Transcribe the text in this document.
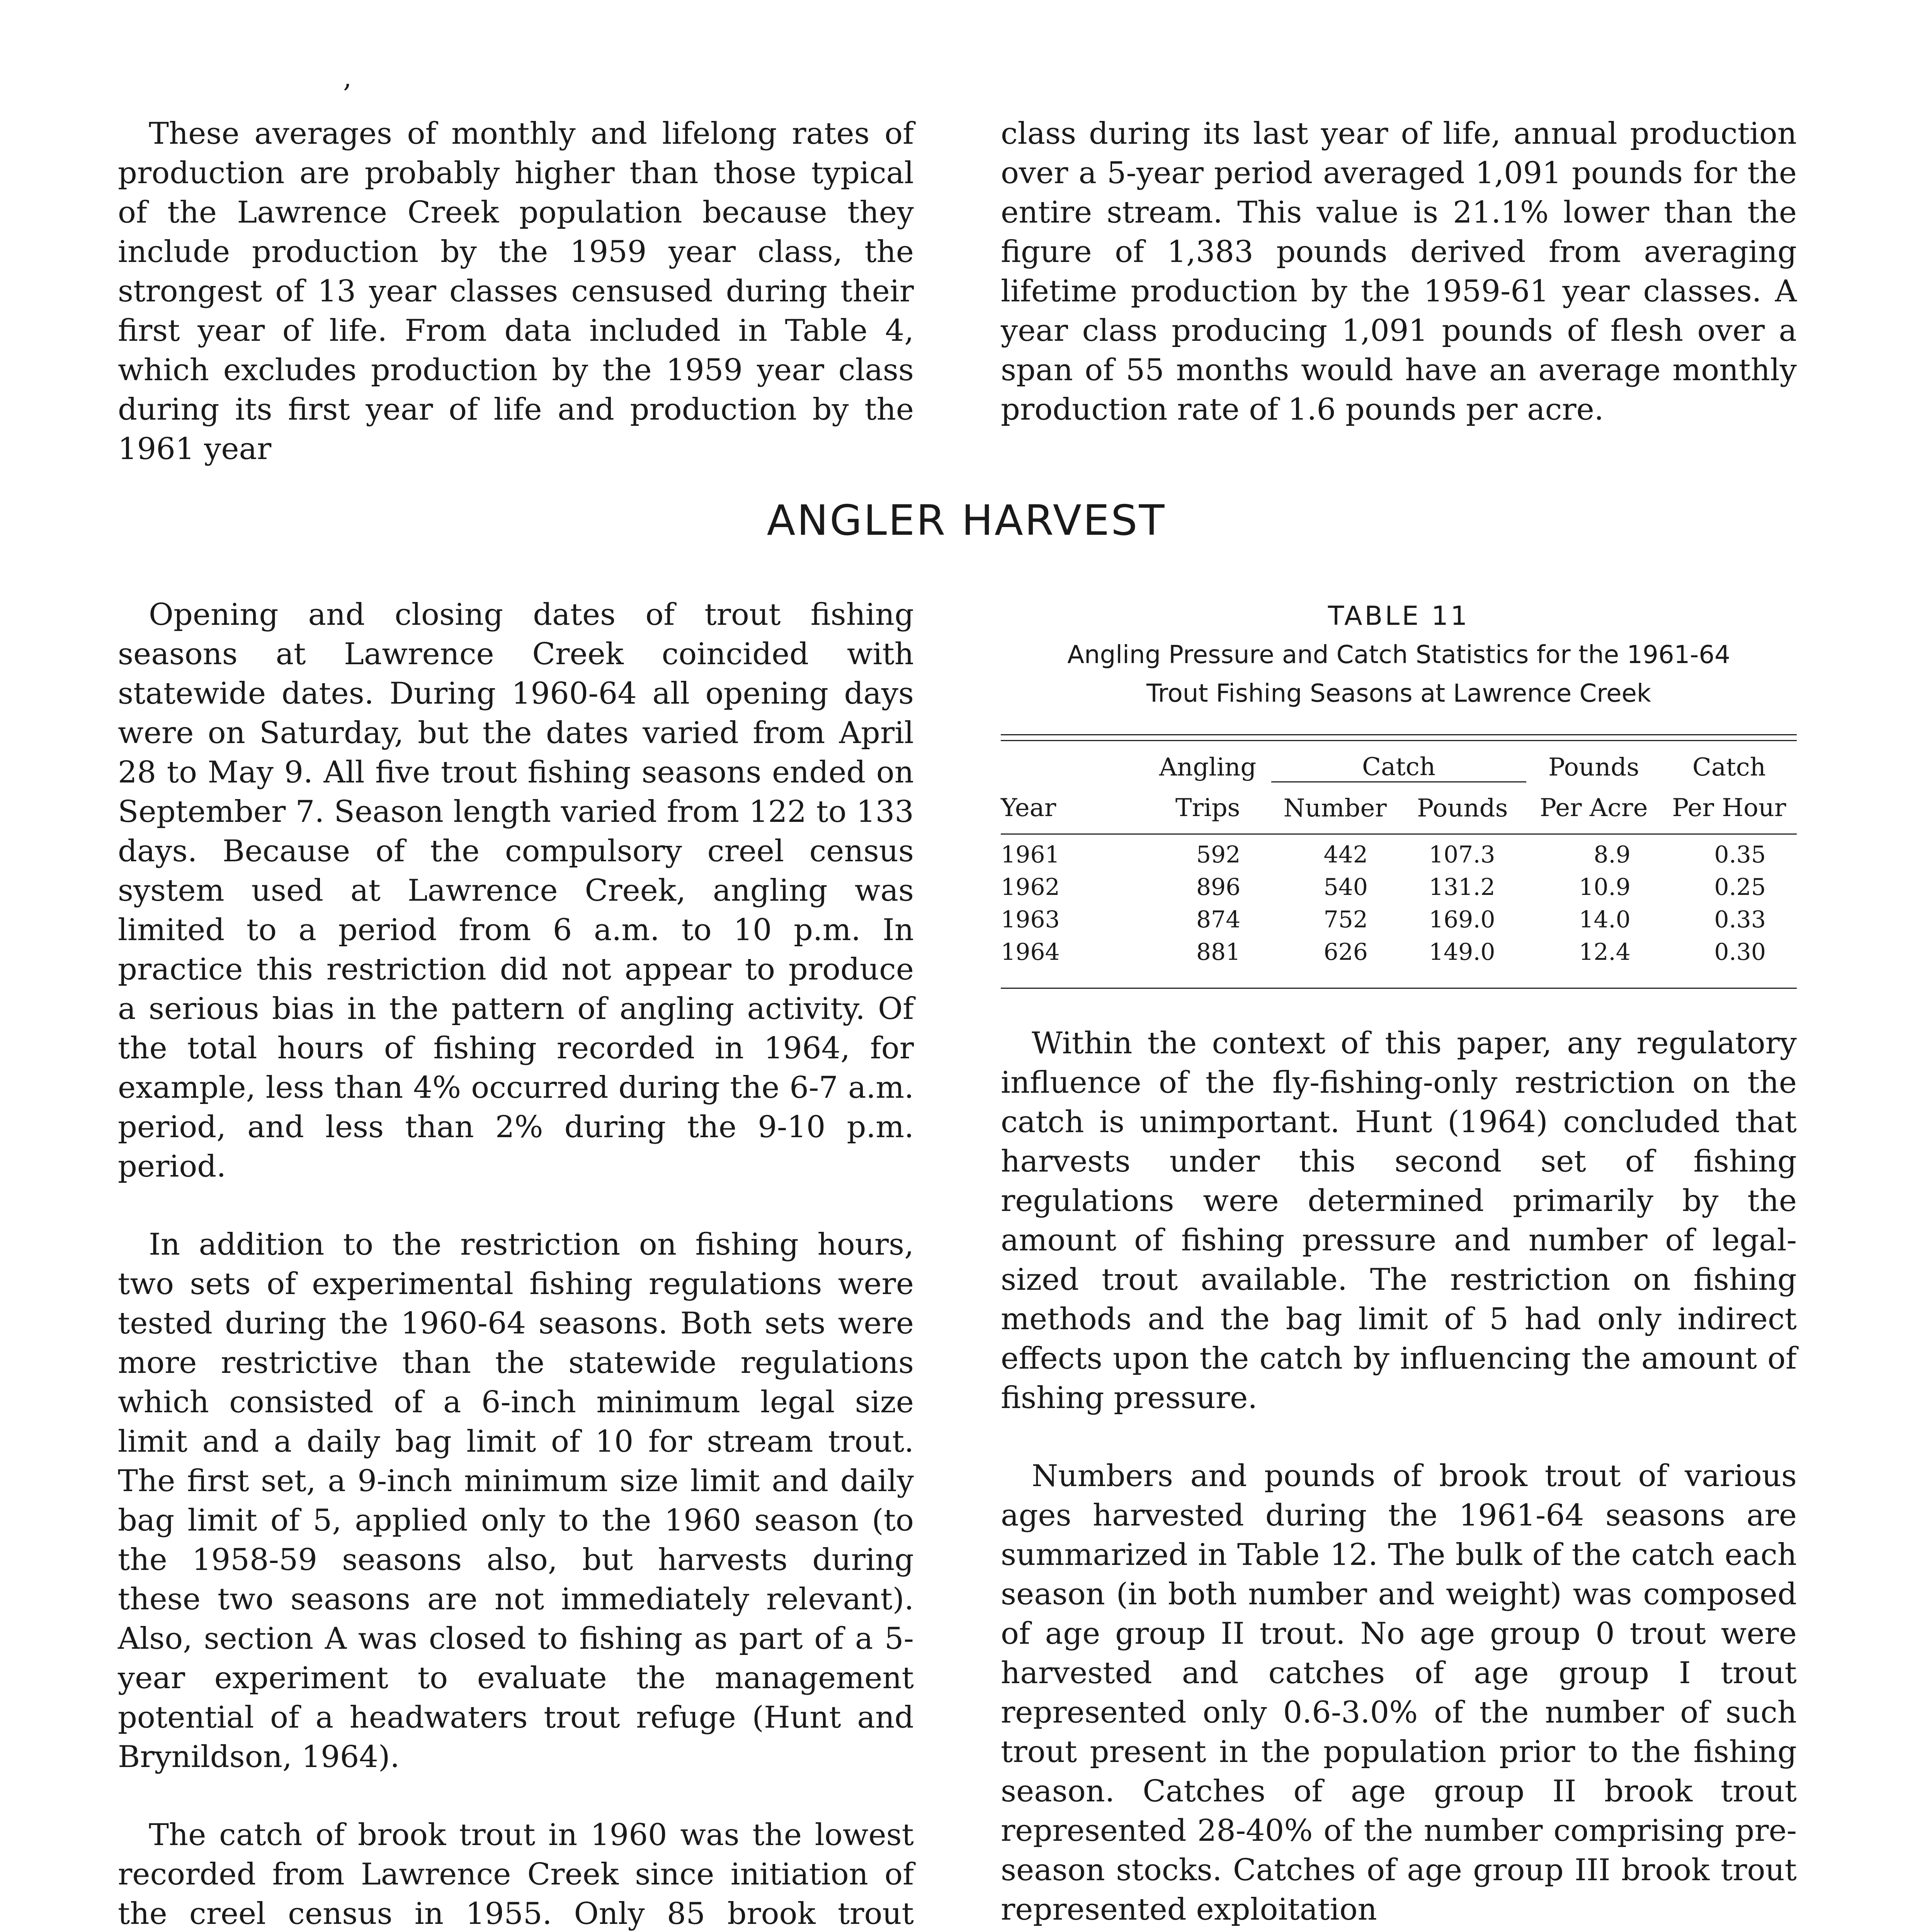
,

These averages of monthly and lifelong rates of production are probably higher than those typical of the Lawrence Creek population because they include production by the 1959 year class, the strongest of 13 year classes censused during their first year of life. From data included in Table 4, which excludes production by the 1959 year class during its first year of life and production by the 1961 year

class during its last year of life, annual production over a 5-year period averaged 1,091 pounds for the entire stream. This value is 21.1% lower than the figure of 1,383 pounds derived from averaging lifetime production by the 1959-61 year classes. A year class producing 1,091 pounds of flesh over a span of 55 months would have an average monthly production rate of 1.6 pounds per acre.

ANGLER HARVEST

Opening and closing dates of trout fishing seasons at Lawrence Creek coincided with statewide dates. During 1960-64 all opening days were on Saturday, but the dates varied from April 28 to May 9. All five trout fishing seasons ended on September 7. Season length varied from 122 to 133 days. Because of the compulsory creel census system used at Lawrence Creek, angling was limited to a period from 6 a.m. to 10 p.m. In practice this restriction did not appear to produce a serious bias in the pattern of angling activity. Of the total hours of fishing recorded in 1964, for example, less than 4% occurred during the 6-7 a.m. period, and less than 2% during the 9-10 p.m. period.

In addition to the restriction on fishing hours, two sets of experimental fishing regulations were tested during the 1960-64 seasons. Both sets were more restrictive than the statewide regulations which consisted of a 6-inch minimum legal size limit and a daily bag limit of 10 for stream trout. The first set, a 9-inch minimum size limit and daily bag limit of 5, applied only to the 1960 season (to the 1958-59 seasons also, but harvests during these two seasons are not immediately relevant). Also, section A was closed to fishing as part of a 5-year experiment to evaluate the management potential of a headwaters trout refuge (Hunt and Brynildson, 1964).

The catch of brook trout in 1960 was the lowest recorded from Lawrence Creek since initiation of the creel census in 1955. Only 85 brook trout

TABLE 11
Angling Pressure and Catch Statistics for the 1961-64
Trout Fishing Seasons at Lawrence Creek
	Angling	Catch		Pounds	Catch
Year	Trips	Number	Pounds	Per Acre	Per Hour

1961	592	442	107.3	8.9	0.35
1962	896	540	131.2	10.9	0.25
1963	874	752	169.0	14.0	0.33
1964	881	626	149.0	12.4	0.30

Within the context of this paper, any regulatory influence of the fly-fishing-only restriction on the catch is unimportant. Hunt (1964) concluded that harvests under this second set of fishing regulations were determined primarily by the amount of fishing pressure and number of legal-sized trout available. The restriction on fishing methods and the bag limit of 5 had only indirect effects upon the catch by influencing the amount of fishing pressure.

Numbers and pounds of brook trout of various ages harvested during the 1961-64 seasons are summarized in Table 12. The bulk of the catch each season (in both number and weight) was composed of age group II trout. No age group 0 trout were harvested and catches of age group I trout represented only 0.6-3.0% of the number of such trout present in the population prior to the fishing season. Catches of age group II brook trout represented 28-40% of the number comprising pre-season stocks. Catches of age group III brook trout represented exploitation
